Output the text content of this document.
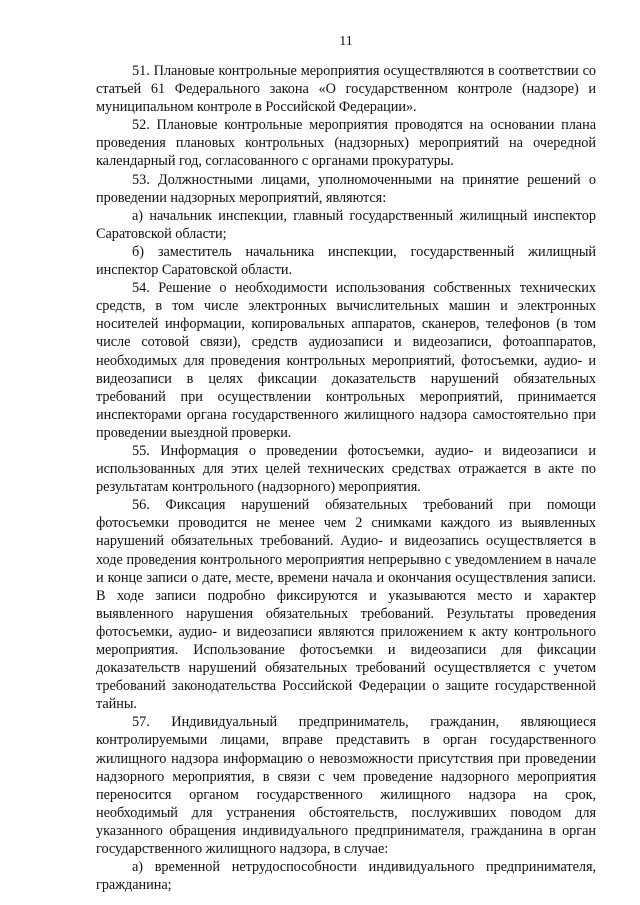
11

51. Плановые контрольные мероприятия осуществляются в соответствии со статьей 61 Федерального закона «О государственном контроле (надзоре) и муниципальном контроле в Российской Федерации».

52. Плановые контрольные мероприятия проводятся на основании плана проведения плановых контрольных (надзорных) мероприятий на очередной календарный год, согласованного с органами прокуратуры.

53. Должностными лицами, уполномоченными на принятие решений о проведении надзорных мероприятий, являются:

а) начальник инспекции, главный государственный жилищный инспектор Саратовской области;

б) заместитель начальника инспекции, государственный жилищный инспектор Саратовской области.

54. Решение о необходимости использования собственных технических средств, в том числе электронных вычислительных машин и электронных носителей информации, копировальных аппаратов, сканеров, телефонов (в том числе сотовой связи), средств аудиозаписи и видеозаписи, фотоаппаратов, необходимых для проведения контрольных мероприятий, фотосъемки, аудио- и видеозаписи в целях фиксации доказательств нарушений обязательных требований при осуществлении контрольных мероприятий, принимается инспекторами органа государственного жилищного надзора самостоятельно при проведении выездной проверки.

55. Информация о проведении фотосъемки, аудио- и видеозаписи и использованных для этих целей технических средствах отражается в акте по результатам контрольного (надзорного) мероприятия.

56. Фиксация нарушений обязательных требований при помощи фотосъемки проводится не менее чем 2 снимками каждого из выявленных нарушений обязательных требований. Аудио- и видеозапись осуществляется в ходе проведения контрольного мероприятия непрерывно с уведомлением в начале и конце записи о дате, месте, времени начала и окончания осуществления записи. В ходе записи подробно фиксируются и указываются место и характер выявленного нарушения обязательных требований. Результаты проведения фотосъемки, аудио- и видеозаписи являются приложением к акту контрольного мероприятия. Использование фотосъемки и видеозаписи для фиксации доказательств нарушений обязательных требований осуществляется с учетом требований законодательства Российской Федерации о защите государственной тайны.

57. Индивидуальный предприниматель, гражданин, являющиеся контролируемыми лицами, вправе представить в орган государственного жилищного надзора информацию о невозможности присутствия при проведении надзорного мероприятия, в связи с чем проведение надзорного мероприятия переносится органом государственного жилищного надзора на срок, необходимый для устранения обстоятельств, послуживших поводом для указанного обращения индивидуального предпринимателя, гражданина в орган государственного жилищного надзора, в случае:

а) временной нетрудоспособности индивидуального предпринимателя, гражданина;
